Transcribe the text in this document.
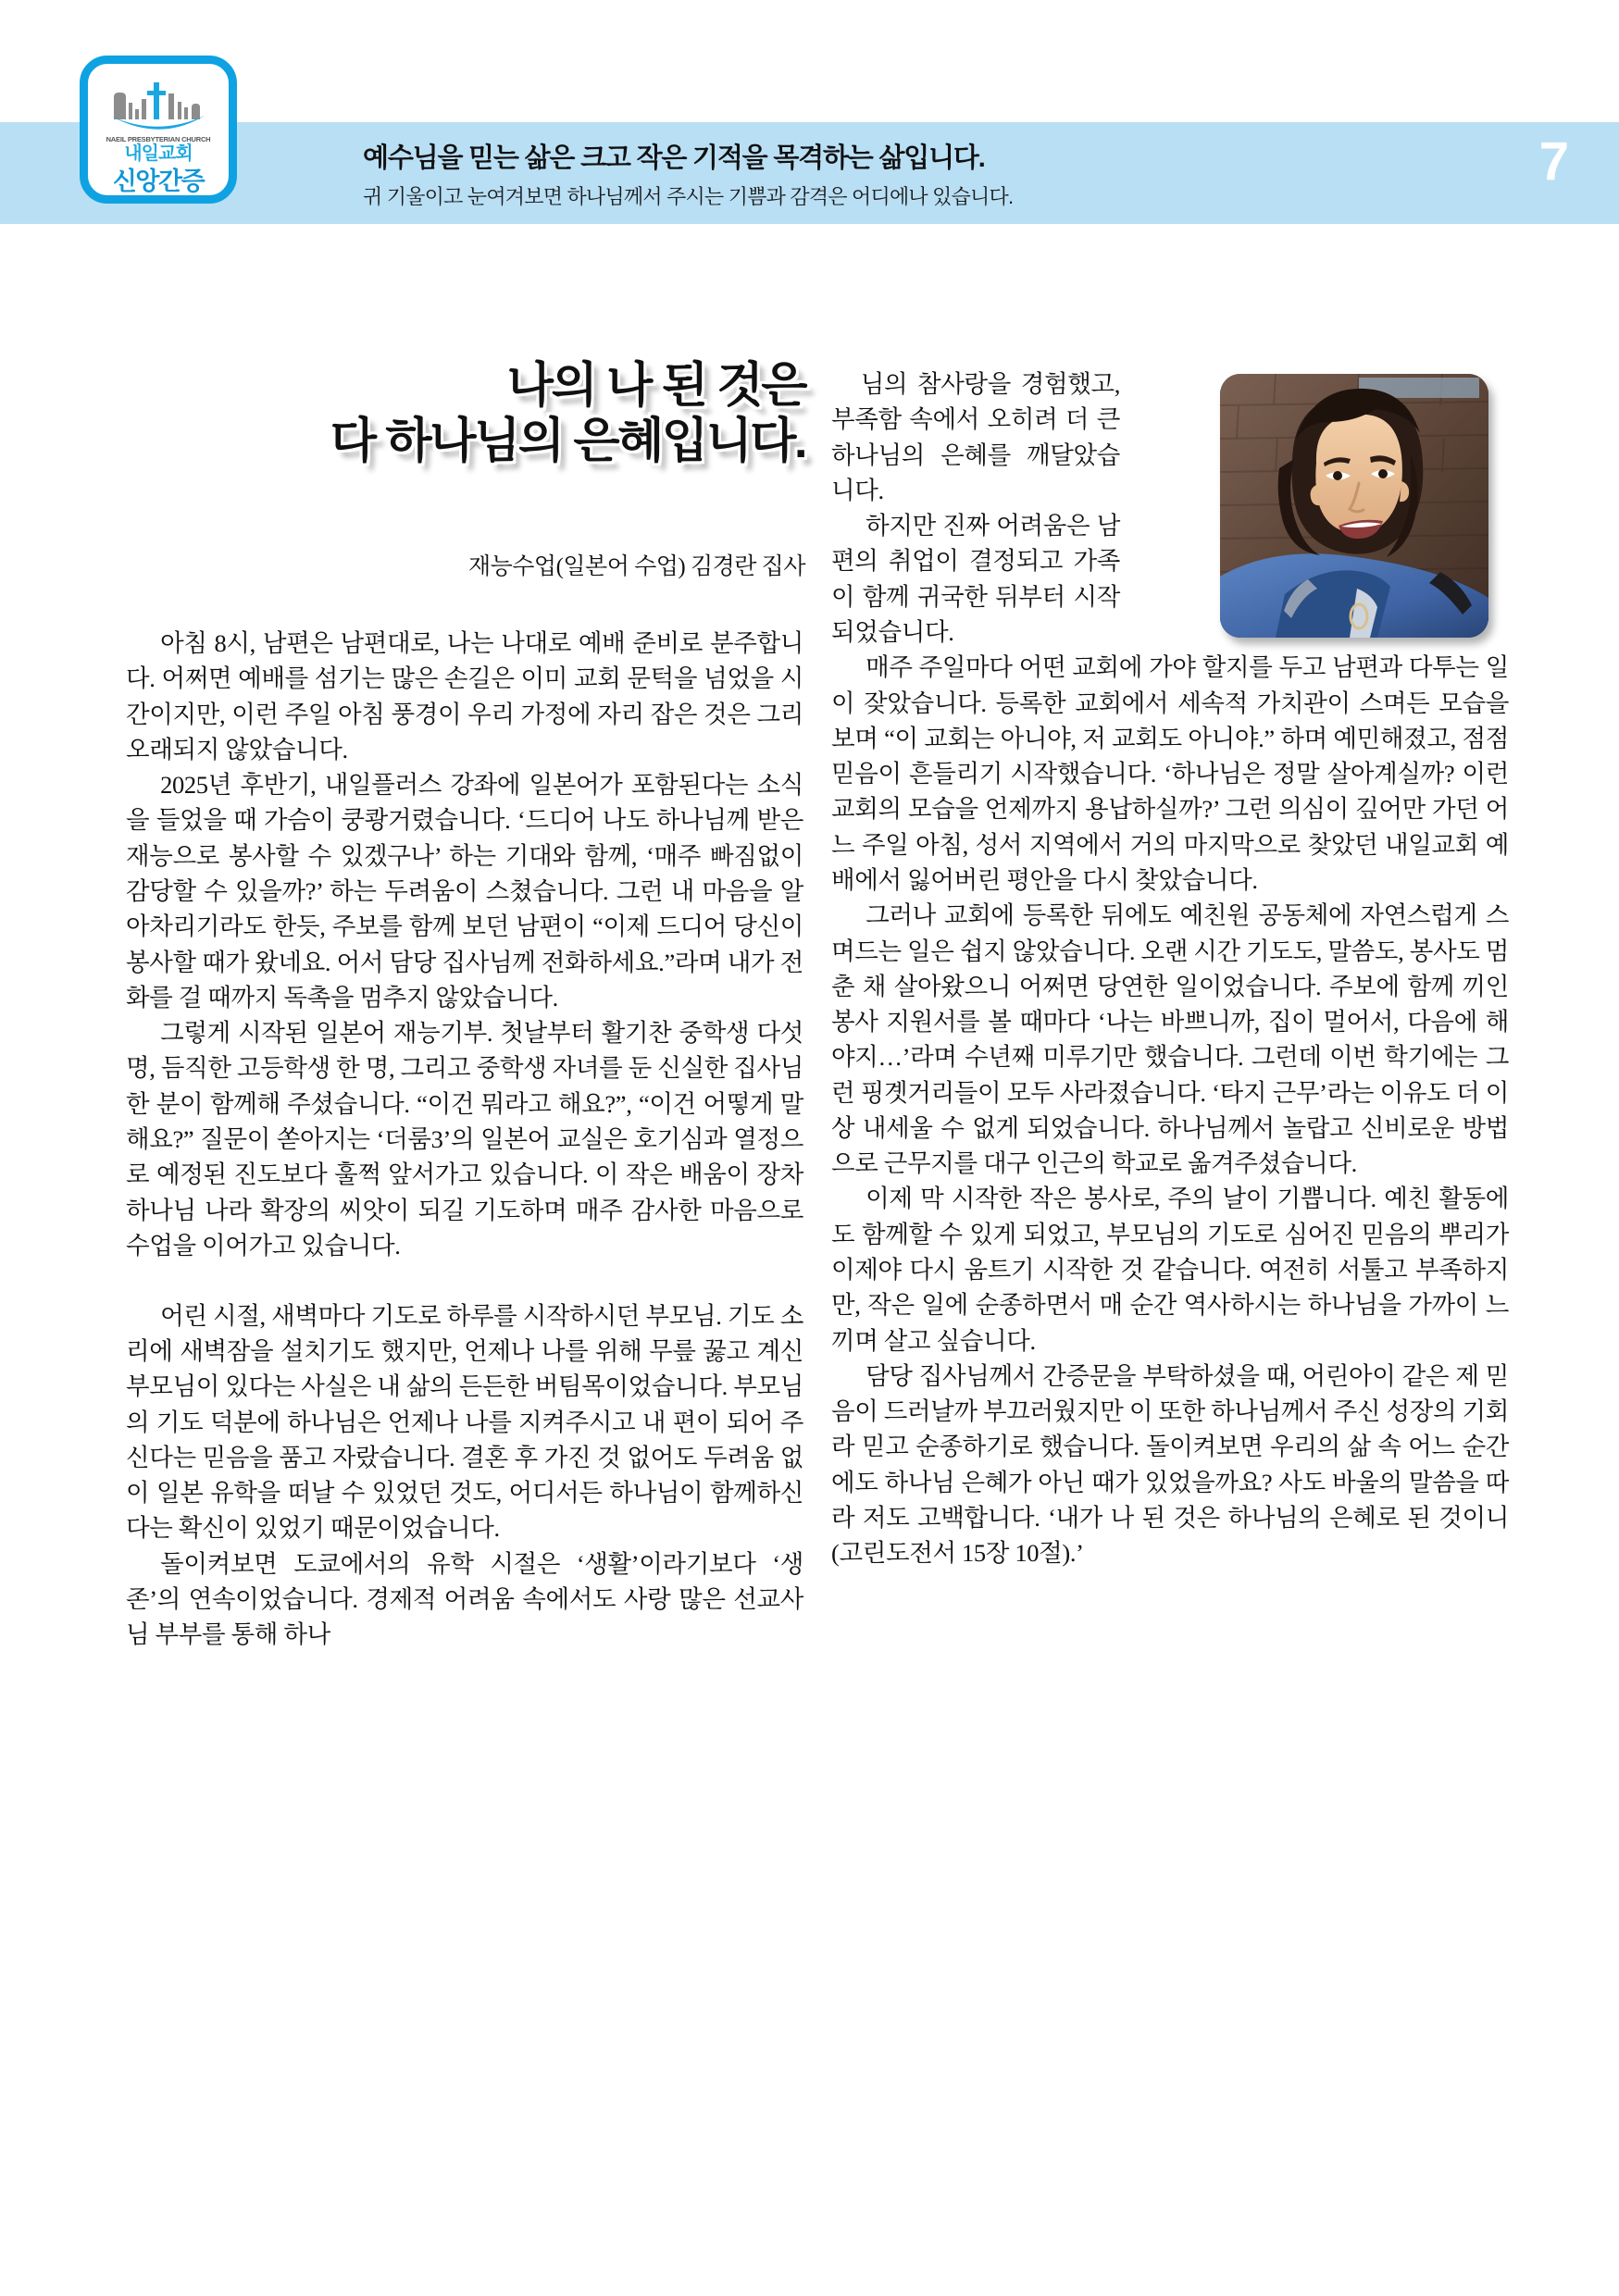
NAEIL PRESBYTERIAN CHURCH
내일교회
신앙간증
예수님을 믿는 삶은 크고 작은 기적을 목격하는 삶입니다.
귀 기울이고 눈여겨보면 하나님께서 주시는 기쁨과 감격은 어디에나 있습니다.
7
나의 나 된 것은
다 하나님의 은혜입니다.
재능수업(일본어 수업) 김경란 집사

아침 8시, 남편은 남편대로, 나는 나대로 예배 준비로 분주합니다. 어쩌면 예배를 섬기는 많은 손길은 이미 교회 문턱을 넘었을 시간이지만, 이런 주일 아침 풍경이 우리 가정에 자리 잡은 것은 그리 오래되지 않았습니다.

2025년 후반기, 내일플러스 강좌에 일본어가 포함된다는 소식을 들었을 때 가슴이 쿵쾅거렸습니다. ‘드디어 나도 하나님께 받은 재능으로 봉사할 수 있겠구나’ 하는 기대와 함께, ‘매주 빠짐없이 감당할 수 있을까?’ 하는 두려움이 스쳤습니다. 그런 내 마음을 알아차리기라도 한듯, 주보를 함께 보던 남편이 “이제 드디어 당신이 봉사할 때가 왔네요. 어서 담당 집사님께 전화하세요.”라며 내가 전화를 걸 때까지 독촉을 멈추지 않았습니다.

그렇게 시작된 일본어 재능기부. 첫날부터 활기찬 중학생 다섯 명, 듬직한 고등학생 한 명, 그리고 중학생 자녀를 둔 신실한 집사님 한 분이 함께해 주셨습니다. “이건 뭐라고 해요?”, “이건 어떻게 말해요?” 질문이 쏟아지는 ‘더룸3’의 일본어 교실은 호기심과 열정으로 예정된 진도보다 훌쩍 앞서가고 있습니다. 이 작은 배움이 장차 하나님 나라 확장의 씨앗이 되길 기도하며 매주 감사한 마음으로 수업을 이어가고 있습니다.

어린 시절, 새벽마다 기도로 하루를 시작하시던 부모님. 기도 소리에 새벽잠을 설치기도 했지만, 언제나 나를 위해 무릎 꿇고 계신 부모님이 있다는 사실은 내 삶의 든든한 버팀목이었습니다. 부모님의 기도 덕분에 하나님은 언제나 나를 지켜주시고 내 편이 되어 주신다는 믿음을 품고 자랐습니다. 결혼 후 가진 것 없어도 두려움 없이 일본 유학을 떠날 수 있었던 것도, 어디서든 하나님이 함께하신다는 확신이 있었기 때문이었습니다.

돌이켜보면 도쿄에서의 유학 시절은 ‘생활’이라기보다 ‘생존’의 연속이었습니다. 경제적 어려움 속에서도 사랑 많은 선교사님 부부를 통해 하나

님의 참사랑을 경험했고, 부족함 속에서 오히려 더 큰 하나님의 은혜를 깨달았습니다.

하지만 진짜 어려움은 남편의 취업이 결정되고 가족이 함께 귀국한 뒤부터 시작되었습니다.

매주 주일마다 어떤 교회에 가야 할지를 두고 남편과 다투는 일이 잦았습니다. 등록한 교회에서 세속적 가치관이 스며든 모습을 보며 “이 교회는 아니야, 저 교회도 아니야.” 하며 예민해졌고, 점점 믿음이 흔들리기 시작했습니다. ‘하나님은 정말 살아계실까? 이런 교회의 모습을 언제까지 용납하실까?’ 그런 의심이 깊어만 가던 어느 주일 아침, 성서 지역에서 거의 마지막으로 찾았던 내일교회 예배에서 잃어버린 평안을 다시 찾았습니다.

그러나 교회에 등록한 뒤에도 예친원 공동체에 자연스럽게 스며드는 일은 쉽지 않았습니다. 오랜 시간 기도도, 말씀도, 봉사도 멈춘 채 살아왔으니 어쩌면 당연한 일이었습니다. 주보에 함께 끼인 봉사 지원서를 볼 때마다 ‘나는 바쁘니까, 집이 멀어서, 다음에 해야지…’라며 수년째 미루기만 했습니다. 그런데 이번 학기에는 그런 핑곗거리들이 모두 사라졌습니다. ‘타지 근무’라는 이유도 더 이상 내세울 수 없게 되었습니다. 하나님께서 놀랍고 신비로운 방법으로 근무지를 대구 인근의 학교로 옮겨주셨습니다.

이제 막 시작한 작은 봉사로, 주의 날이 기쁩니다. 예친 활동에도 함께할 수 있게 되었고, 부모님의 기도로 심어진 믿음의 뿌리가 이제야 다시 움트기 시작한 것 같습니다. 여전히 서툴고 부족하지만, 작은 일에 순종하면서 매 순간 역사하시는 하나님을 가까이 느끼며 살고 싶습니다.

담당 집사님께서 간증문을 부탁하셨을 때, 어린아이 같은 제 믿음이 드러날까 부끄러웠지만 이 또한 하나님께서 주신 성장의 기회라 믿고 순종하기로 했습니다. 돌이켜보면 우리의 삶 속 어느 순간에도 하나님 은혜가 아닌 때가 있었을까요? 사도 바울의 말씀을 따라 저도 고백합니다. ‘내가 나 된 것은 하나님의 은혜로 된 것이니(고린도전서 15장 10절).’
